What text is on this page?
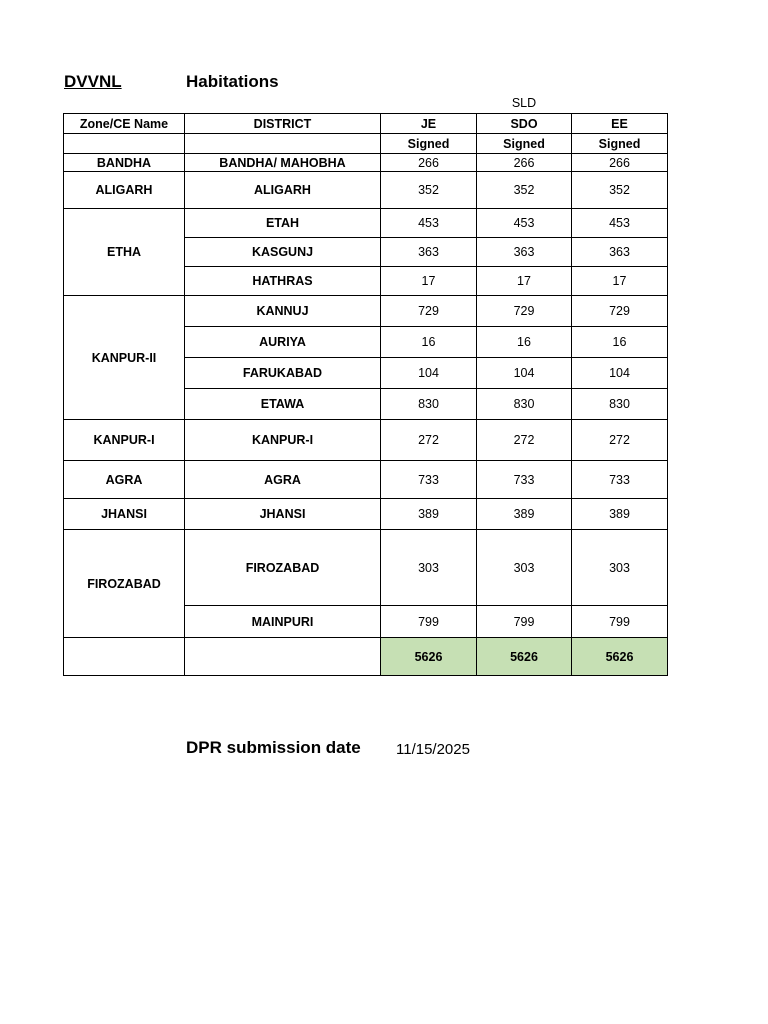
DVVNL	Habitations
SLD
Zone/CE Name	DISTRICT	JE	SDO	EE
		Signed	Signed	Signed
BANDHA	BANDHA/ MAHOBHA	266	266	266
ALIGARH	ALIGARH	352	352	352
ETHA	ETAH	453	453	453
	KASGUNJ	363	363	363
	HATHRAS	17	17	17
KANPUR-II	KANNUJ	729	729	729
	AURIYA	16	16	16
	FARUKABAD	104	104	104
	ETAWA	830	830	830
KANPUR-I	KANPUR-I	272	272	272
AGRA	AGRA	733	733	733
JHANSI	JHANSI	389	389	389
FIROZABAD	FIROZABAD	303	303	303
	MAINPURI	799	799	799
		5626	5626	5626
DPR submission date 11/15/2025
